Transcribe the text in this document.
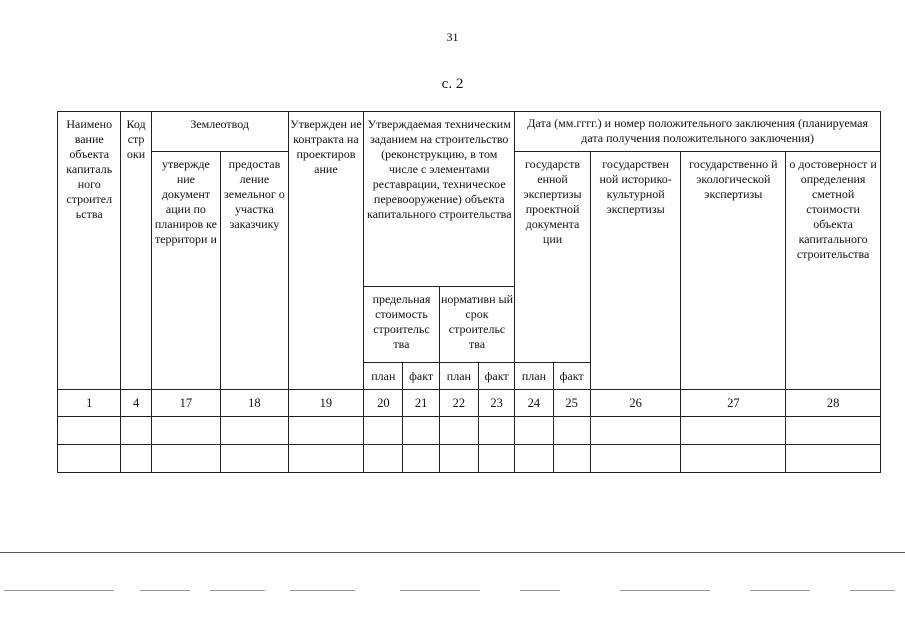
31
с. 2
Наимено вание объекта капиталь ного строител ьства	Код стр оки	Землеотвод		Утвержден ие контракта на проектиров ание	Утверждаемая техническим заданием на строительство (реконструкцию, в том числе с элементами реставрации, техническое перевооружение) объекта капитального строительства				Дата (мм.гггг.) и номер положительного заключения (планируемая дата получения положительного заключения)				
		утвержде ние документ ации по планиров ке территори и	предостав ление земельног о участка заказчику						государств енной экспертизы проектной документа ции		государствен ной историко-культурной экспертизы	государственно й экологической экспертизы	о достоверност и определения сметной стоимости объекта капитального строительства
					предельная стоимость строительс тва		нормативн ый срок строительс тва						
					план	факт	план	факт	план	факт			
1	4	17	18	19	20	21	22	23	24	25	26	27	28
